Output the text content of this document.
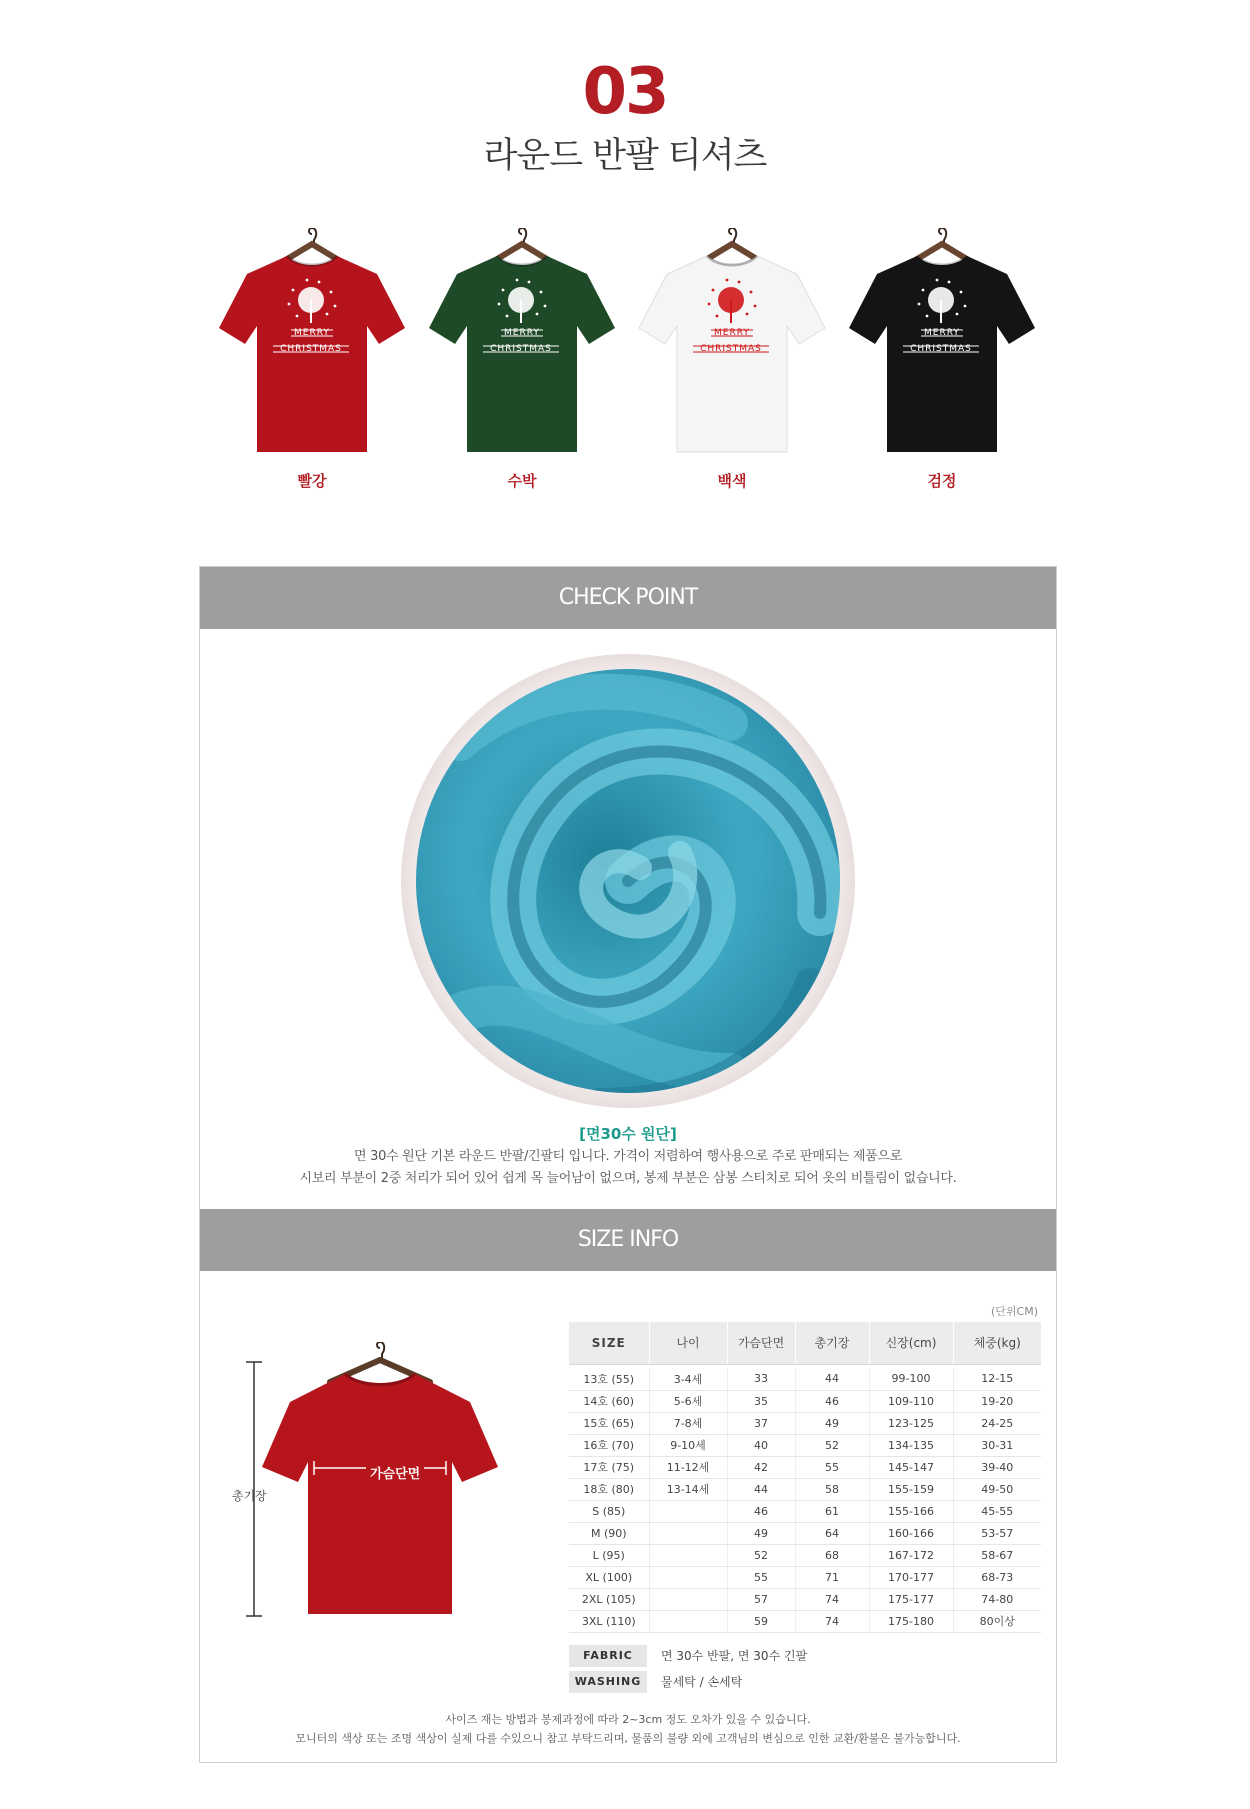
03
라운드 반팔 티셔츠
MERRY
CHRISTMAS
빨강
MERRY
CHRISTMAS
수박
MERRY
CHRISTMAS
백색
MERRY
CHRISTMAS
검정
CHECK POINT
[면30수 원단]
면 30수 원단 기본 라운드 반팔/긴팔티 입니다. 가격이 저렴하여 행사용으로 주로 판매되는 제품으로
시보리 부분이 2중 처리가 되어 있어 쉽게 목 늘어남이 없으며, 봉제 부분은 삼봉 스티치로 되어 옷의 비틀림이 없습니다.
SIZE INFO
(단위CM)
총기장
가슴단면
SIZE	나이	가슴단면	총기장	신장(cm)	체중(kg)

13호 (55)	3-4세	33	44	99-100	12-15
14호 (60)	5-6세	35	46	109-110	19-20
15호 (65)	7-8세	37	49	123-125	24-25
16호 (70)	9-10세	40	52	134-135	30-31
17호 (75)	11-12세	42	55	145-147	39-40
18호 (80)	13-14세	44	58	155-159	49-50
S (85)		46	61	155-166	45-55
M (90)		49	64	160-166	53-57
L (95)		52	68	167-172	58-67
XL (100)		55	71	170-177	68-73
2XL (105)		57	74	175-177	74-80
3XL (110)		59	74	175-180	80이상
FABRIC	면 30수 반팔, 면 30수 긴팔
WASHING	물세탁 / 손세탁
사이즈 재는 방법과 봉제과정에 따라 2~3cm 정도 오차가 있을 수 있습니다.
모니터의 색상 또는 조명 색상이 실제 다를 수있으니 참고 부탁드리며, 물품의 불량 외에 고객님의 변심으로 인한 교환/환불은 불가능합니다.
